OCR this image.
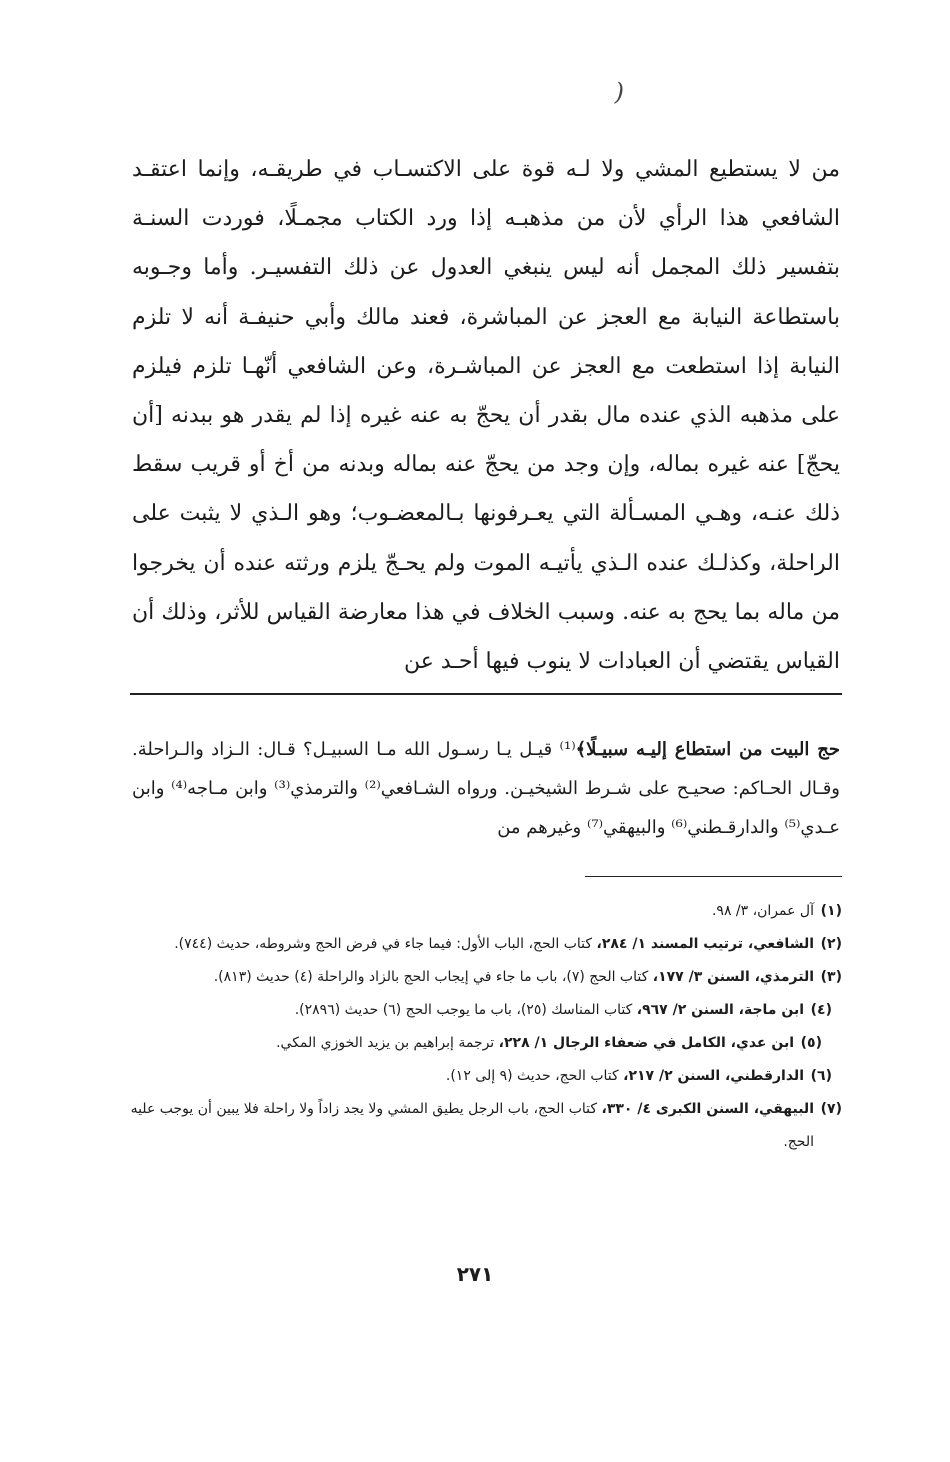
(

من لا يستطيع المشي ولا لـه قوة على الاكتسـاب في طريقـه، وإنما اعتقـد الشافعي هذا الرأي لأن من مذهبـه إذا ورد الكتاب مجمـلًا، فوردت السنـة بتفسير ذلك المجمل أنه ليس ينبغي العدول عن ذلك التفسيـر. وأما وجـوبه باستطاعة النيابة مع العجز عن المباشرة، فعند مالك وأبي حنيفـة أنه لا تلزم النيابة إذا استطعت مع العجز عن المباشـرة، وعن الشافعي أنّهـا تلزم فيلزم على مذهبه الذي عنده مال بقدر أن يحجّ به عنه غيره إذا لم يقدر هو ببدنه [أن يحجّ] عنه غيره بماله، وإن وجد من يحجّ عنه بماله وبدنه من أخ أو قريب سقط ذلك عنـه، وهـي المسـألة التي يعـرفونها بـالمعضـوب؛ وهو الـذي لا يثبت على الراحلة، وكذلـك عنده الـذي يأتيـه الموت ولم يحـجّ يلزم ورثته عنده أن يخرجوا من ماله بما يحج به عنه. وسبب الخلاف في هذا معارضة القياس للأثر، وذلك أن القياس يقتضي أن العبادات لا ينوب فيها أحـد عن

حج البيت من استطاع إليـه سبيـلًا﴾⁽¹⁾ قيـل يـا رسـول الله مـا السبيـل؟ قـال: الـزاد والـراحلة. وقـال الحـاكم: صحيـح على شـرط الشيخيـن. ورواه الشـافعي⁽²⁾ والترمذي⁽³⁾ وابن مـاجه⁽⁴⁾ وابن عـدي⁽⁵⁾ والدارقـطني⁽⁶⁾ والبيهقي⁽⁷⁾ وغيرهم من

(١)
آل عمران، ٣/ ٩٨.
(٢)
الشافعي، ترتيب المسند ١/ ٢٨٤، كتاب الحج، الباب الأول: فيما جاء في فرض الحج وشروطه، حديث (٧٤٤).
(٣)
الترمذي، السنن ٣/ ١٧٧، كتاب الحج (٧)، باب ما جاء في إيجاب الحج بالزاد والراحلة (٤) حديث (٨١٣).
(٤)
ابن ماجة، السنن ٢/ ٩٦٧، كتاب المناسك (٢٥)، باب ما يوجب الحج (٦) حديث (٢٨٩٦).
(٥)
ابن عدي، الكامل في ضعفاء الرجال ١/ ٢٢٨، ترجمة إبراهيم بن يزيد الخوزي المكي.
(٦)
الدارقطني، السنن ٢/ ٢١٧، كتاب الحج، حديث (٩ إلى ١٢).
(٧)
البيهقي، السنن الكبرى ٤/ ٣٣٠، كتاب الحج، باب الرجل يطيق المشي ولا يجد زاداً ولا راحلة فلا يبين أن يوجب عليه الحج.
٢٧١
